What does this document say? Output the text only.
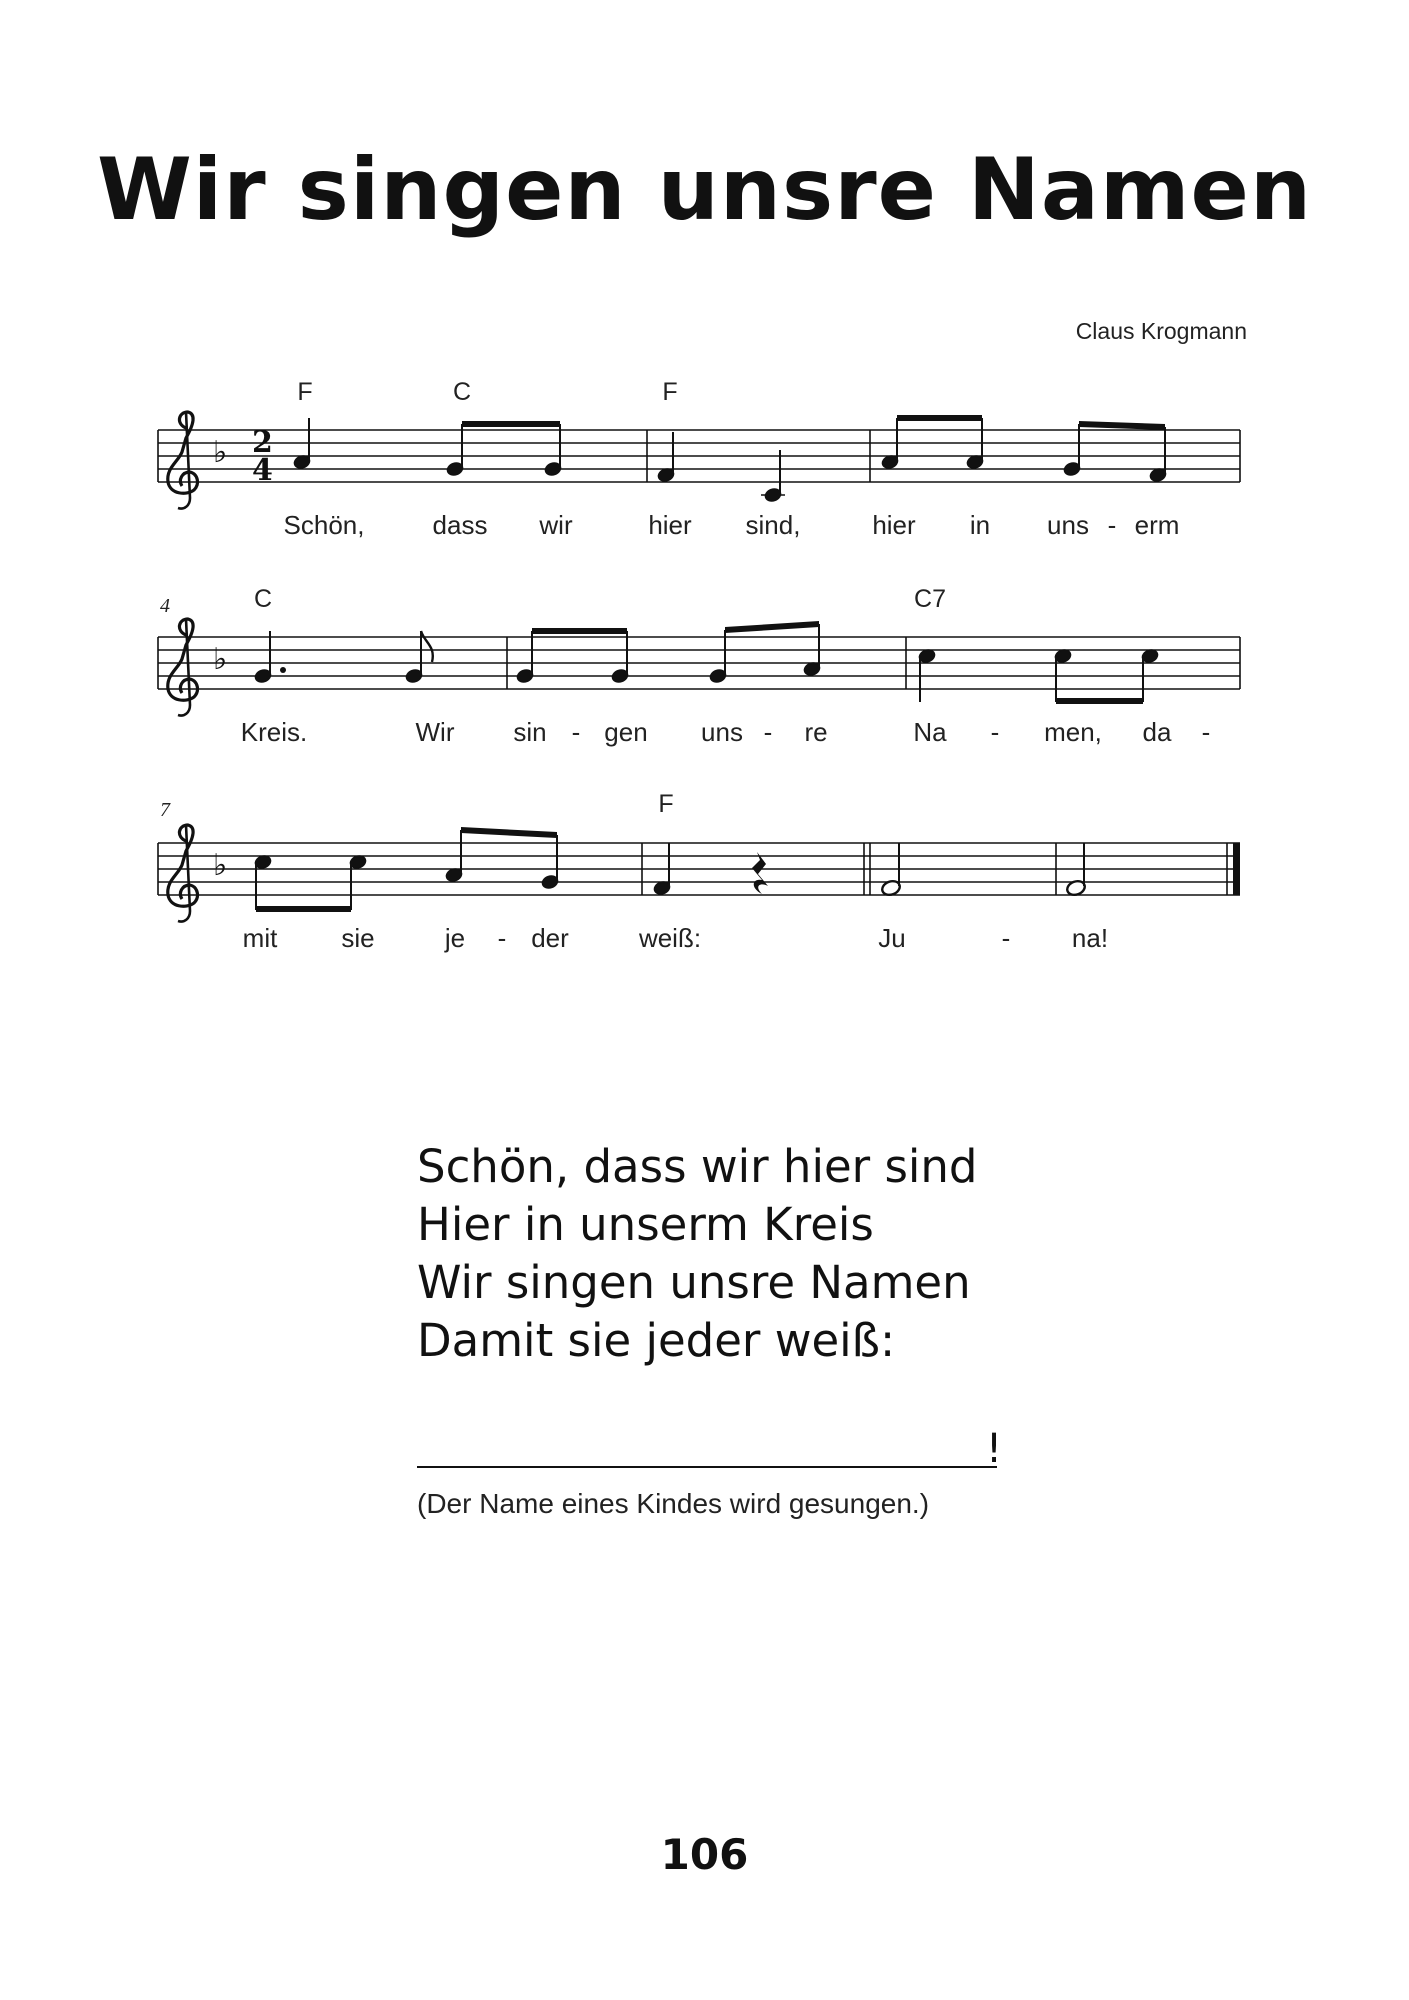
Wir singen unsre Namen
Claus Krogmann
♭ 2
4
F	C	F
Schön,	dass wir	hier sind,	hier in uns - erm
4
♭
C	C7
Kreis.	Wir sin - gen uns - re	Na - men, da -
7
♭
F
mit sie	je - der	weiß:	Ju	- na!
Schön, dass wir hier sind
Hier in unserm Kreis
Wir singen unsre Namen
Damit sie jeder weiß:
!
(Der Name eines Kindes wird gesungen.)
106
